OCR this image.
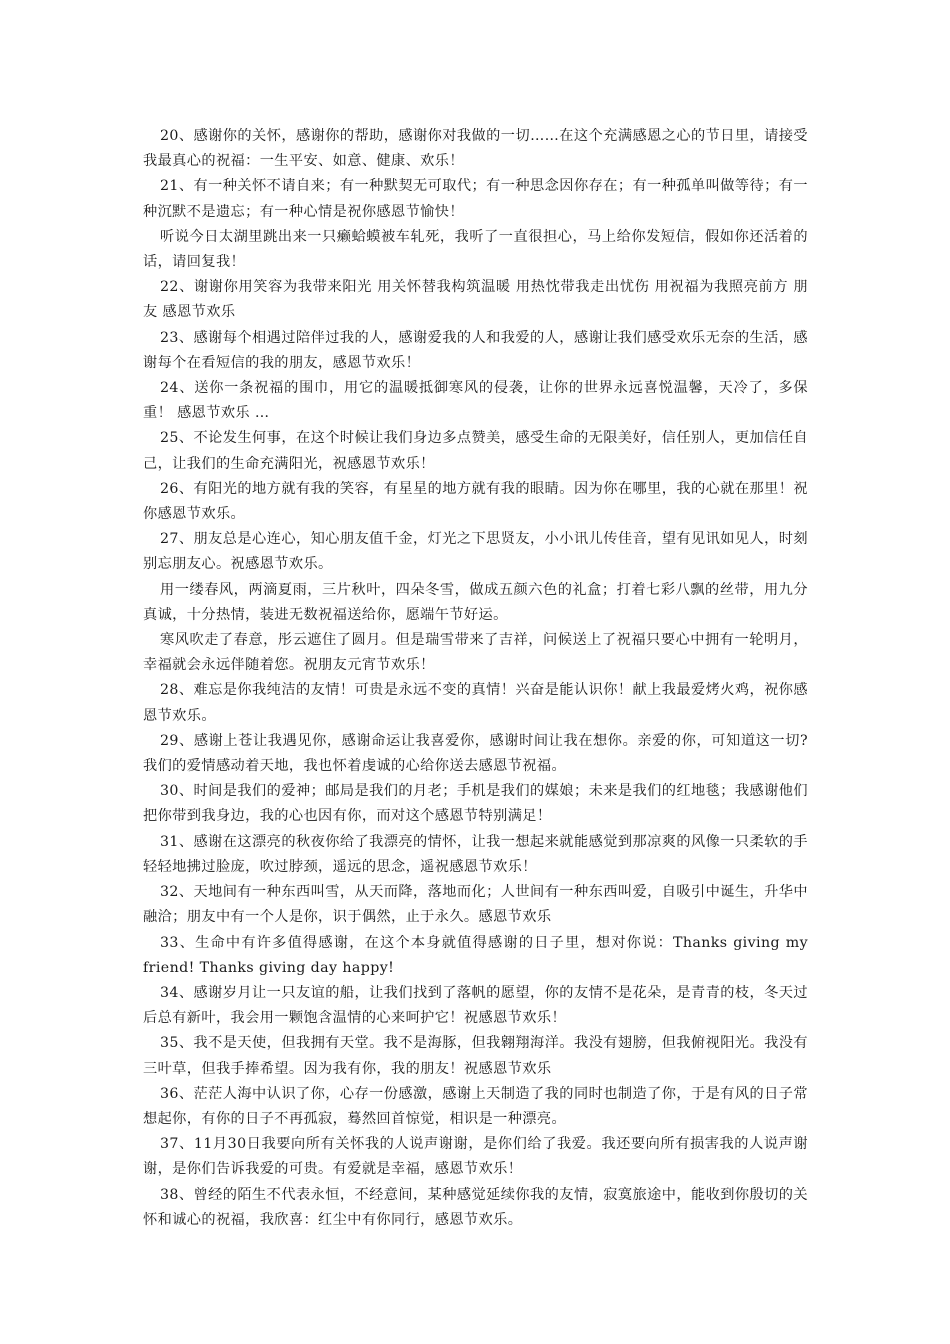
20、感谢你的关怀，感谢你的帮助，感谢你对我做的一切……在这个充满感恩之心的节日里，请接受我最真心的祝福：一生平安、如意、健康、欢乐！

21、有一种关怀不请自来；有一种默契无可取代；有一种思念因你存在；有一种孤单叫做等待；有一种沉默不是遗忘；有一种心情是祝你感恩节愉快！

听说今日太湖里跳出来一只癞蛤蟆被车轧死，我听了一直很担心，马上给你发短信，假如你还活着的话，请回复我！

22、谢谢你用笑容为我带来阳光 用关怀替我构筑温暖 用热忱带我走出忧伤 用祝福为我照亮前方 朋友 感恩节欢乐

23、感谢每个相遇过陪伴过我的人，感谢爱我的人和我爱的人，感谢让我们感受欢乐无奈的生活，感谢每个在看短信的我的朋友，感恩节欢乐！

24、送你一条祝福的围巾，用它的温暖抵御寒风的侵袭，让你的世界永远喜悦温馨，天冷了，多保重！ 感恩节欢乐 …

25、不论发生何事，在这个时候让我们身边多点赞美，感受生命的无限美好，信任别人，更加信任自己，让我们的生命充满阳光，祝感恩节欢乐！

26、有阳光的地方就有我的笑容，有星星的地方就有我的眼睛。因为你在哪里，我的心就在那里！祝你感恩节欢乐。

27、朋友总是心连心，知心朋友值千金，灯光之下思贤友，小小讯儿传佳音，望有见讯如见人，时刻别忘朋友心。祝感恩节欢乐。

用一缕春风，两滴夏雨，三片秋叶，四朵冬雪，做成五颜六色的礼盒；打着七彩八飘的丝带，用九分真诚，十分热情，装进无数祝福送给你，愿端午节好运。

寒风吹走了春意，彤云遮住了圆月。但是瑞雪带来了吉祥，问候送上了祝福只要心中拥有一轮明月，幸福就会永远伴随着您。祝朋友元宵节欢乐！

28、难忘是你我纯洁的友情！可贵是永远不变的真情！兴奋是能认识你！献上我最爱烤火鸡，祝你感恩节欢乐。

29、感谢上苍让我遇见你，感谢命运让我喜爱你，感谢时间让我在想你。亲爱的你，可知道这一切?我们的爱情感动着天地，我也怀着虔诚的心给你送去感恩节祝福。

30、时间是我们的爱神；邮局是我们的月老；手机是我们的媒娘；未来是我们的红地毯；我感谢他们把你带到我身边，我的心也因有你，而对这个感恩节特别满足！

31、感谢在这漂亮的秋夜你给了我漂亮的情怀，让我一想起来就能感觉到那凉爽的风像一只柔软的手轻轻地拂过脸庞，吹过脖颈，遥远的思念，遥祝感恩节欢乐！

32、天地间有一种东西叫雪，从天而降，落地而化；人世间有一种东西叫爱，自吸引中诞生，升华中融洽；朋友中有一个人是你，识于偶然，止于永久。感恩节欢乐

33、生命中有许多值得感谢，在这个本身就值得感谢的日子里，想对你说：Thanks giving my friend! Thanks giving day happy!

34、感谢岁月让一只友谊的船，让我们找到了落帆的愿望，你的友情不是花朵，是青青的枝，冬天过后总有新叶，我会用一颗饱含温情的心来呵护它！祝感恩节欢乐！

35、我不是天使，但我拥有天堂。我不是海豚，但我翱翔海洋。我没有翅膀，但我俯视阳光。我没有三叶草，但我手捧希望。因为我有你，我的朋友！祝感恩节欢乐

36、茫茫人海中认识了你，心存一份感激，感谢上天制造了我的同时也制造了你，于是有风的日子常想起你，有你的日子不再孤寂，蓦然回首惊觉，相识是一种漂亮。

37、11月30日我要向所有关怀我的人说声谢谢，是你们给了我爱。我还要向所有损害我的人说声谢谢，是你们告诉我爱的可贵。有爱就是幸福，感恩节欢乐！

38、曾经的陌生不代表永恒，不经意间，某种感觉延续你我的友情，寂寞旅途中，能收到你殷切的关怀和诚心的祝福，我欣喜：红尘中有你同行，感恩节欢乐。
